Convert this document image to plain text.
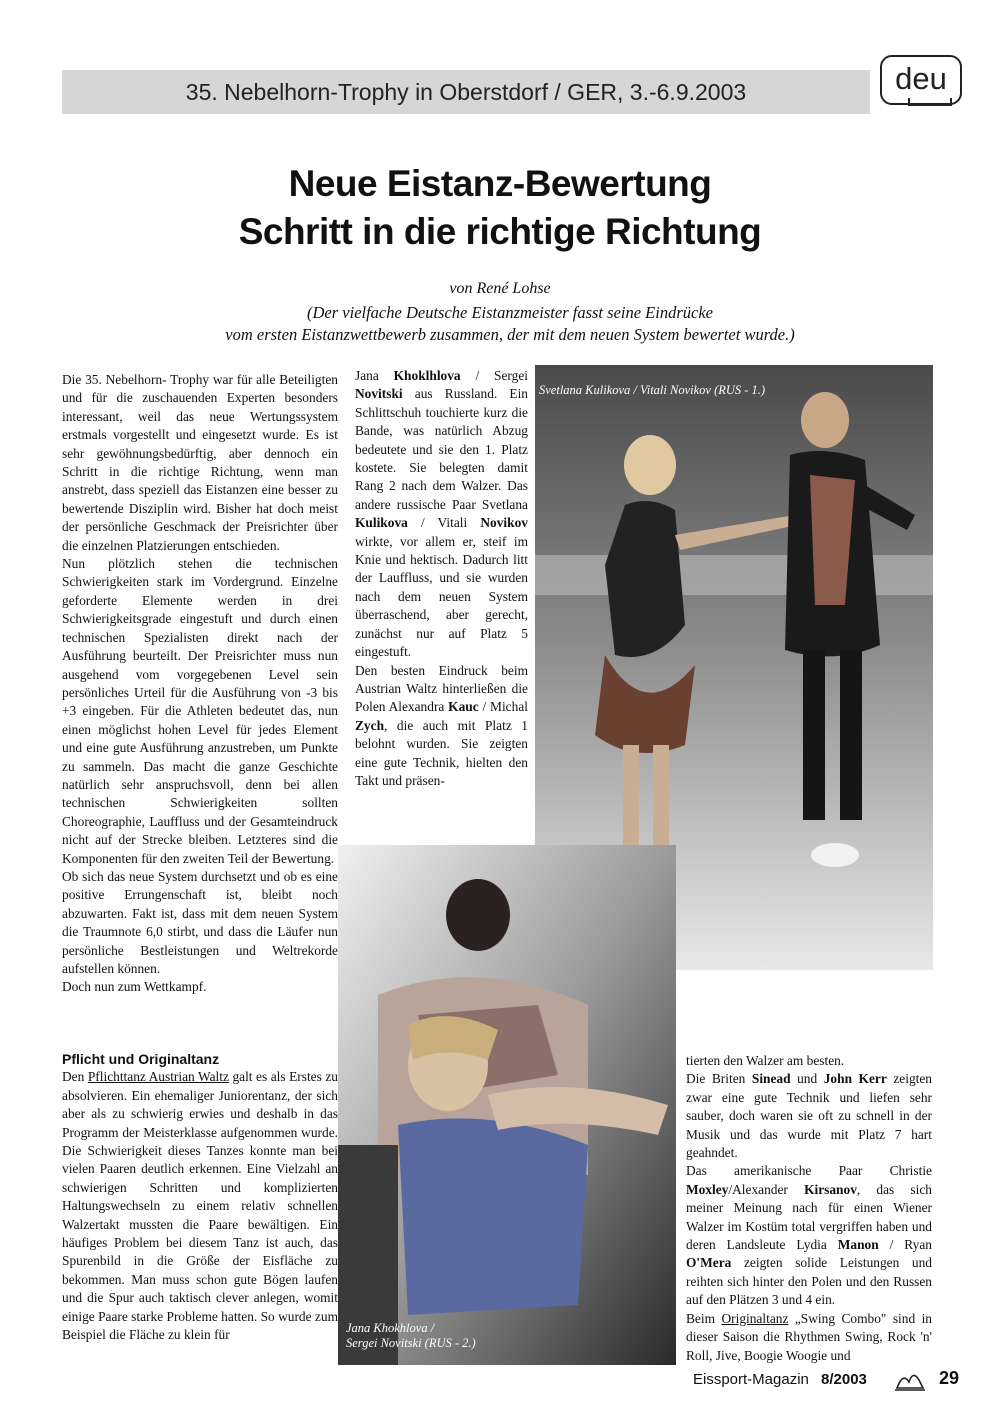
35. Nebelhorn-Trophy in Oberstdorf / GER, 3.-6.9.2003	deu
Neue Eistanz-Bewertung
Schritt in die richtige Richtung
von René Lohse
(Der vielfache Deutsche Eistanzmeister fasst seine Eindrücke
vom ersten Eistanzwettbewerb zusammen, der mit dem neuen System bewertet wurde.)

Die 35. Nebelhorn- Trophy war für alle Beteiligten und für die zuschauenden Experten besonders interessant, weil das neue Wertungssystem erstmals vorgestellt und eingesetzt wurde. Es ist sehr gewöhnungsbedürftig, aber dennoch ein Schritt in die richtige Richtung, wenn man anstrebt, dass speziell das Eistanzen eine besser zu bewertende Disziplin wird. Bisher hat doch meist der persönliche Geschmack der Preisrichter über die einzelnen Platzierungen entschieden.

Nun plötzlich stehen die technischen Schwierigkeiten stark im Vordergrund. Einzelne geforderte Elemente werden in drei Schwierigkeitsgrade eingestuft und durch einen technischen Spezialisten direkt nach der Ausführung beurteilt. Der Preisrichter muss nun ausgehend vom vorgegebenen Level sein persönliches Urteil für die Ausführung von -3 bis +3 eingeben. Für die Athleten bedeutet das, nun einen möglichst hohen Level für jedes Element und eine gute Ausführung anzustreben, um Punkte zu sammeln. Das macht die ganze Geschichte natürlich sehr anspruchsvoll, denn bei allen technischen Schwierigkeiten sollten Choreographie, Lauffluss und der Gesamteindruck nicht auf der Strecke bleiben. Letzteres sind die Komponenten für den zweiten Teil der Bewertung.

Ob sich das neue System durchsetzt und ob es eine positive Errungenschaft ist, bleibt noch abzuwarten. Fakt ist, dass mit dem neuen System die Traumnote 6,0 stirbt, und dass die Läufer nun persönliche Bestleistungen und Weltrekorde aufstellen können.

Doch nun zum Wettkampf.

Jana Khoklhlova / Sergei Novitski aus Russland. Ein Schlittschuh touchierte kurz die Bande, was natürlich Abzug bedeutete und sie den 1. Platz kostete. Sie belegten damit Rang 2 nach dem Walzer. Das andere russische Paar Svetlana Kulikova / Vitali Novikov wirkte, vor allem er, steif im Knie und hektisch. Dadurch litt der Lauffluss, und sie wurden nach dem neuen System überraschend, aber gerecht, zunächst nur auf Platz 5 eingestuft.

Den besten Eindruck beim Austrian Waltz hinterließen die Polen Alexandra Kauc / Michal Zych, die auch mit Platz 1 belohnt wurden. Sie zeigten eine gute Technik, hielten den Takt und präsen-

Svetlana Kulikova / Vitali Novikov (RUS - 1.)
Jana Khokhlova /
Sergei Novitski (RUS - 2.)

Pflicht und Originaltanz

Den Pflichttanz Austrian Waltz galt es als Erstes zu absolvieren. Ein ehemaliger Juniorentanz, der sich aber als zu schwierig erwies und deshalb in das Programm der Meisterklasse aufgenommen wurde. Die Schwierigkeit dieses Tanzes konnte man bei vielen Paaren deutlich erkennen. Eine Vielzahl an schwierigen Schritten und komplizierten Haltungswechseln zu einem relativ schnellen Walzertakt mussten die Paare bewältigen. Ein häufiges Problem bei diesem Tanz ist auch, das Spurenbild in die Größe der Eisfläche zu bekommen. Man muss schon gute Bögen laufen und die Spur auch taktisch clever anlegen, womit einige Paare starke Probleme hatten. So wurde zum Beispiel die Fläche zu klein für

tierten den Walzer am besten.

Die Briten Sinead und John Kerr zeigten zwar eine gute Technik und liefen sehr sauber, doch waren sie oft zu schnell in der Musik und das wurde mit Platz 7 hart geahndet.

Das amerikanische Paar Christie Moxley/Alexander Kirsanov, das sich meiner Meinung nach für einen Wiener Walzer im Kostüm total vergriffen haben und deren Landsleute Lydia Manon / Ryan O'Mera zeigten solide Leistungen und reihten sich hinter den Polen und den Russen auf den Plätzen 3 und 4 ein.

Beim Originaltanz „Swing Combo" sind in dieser Saison die Rhythmen Swing, Rock 'n' Roll, Jive, Boogie Woogie und

Eissport-Magazin 8/2003	29
